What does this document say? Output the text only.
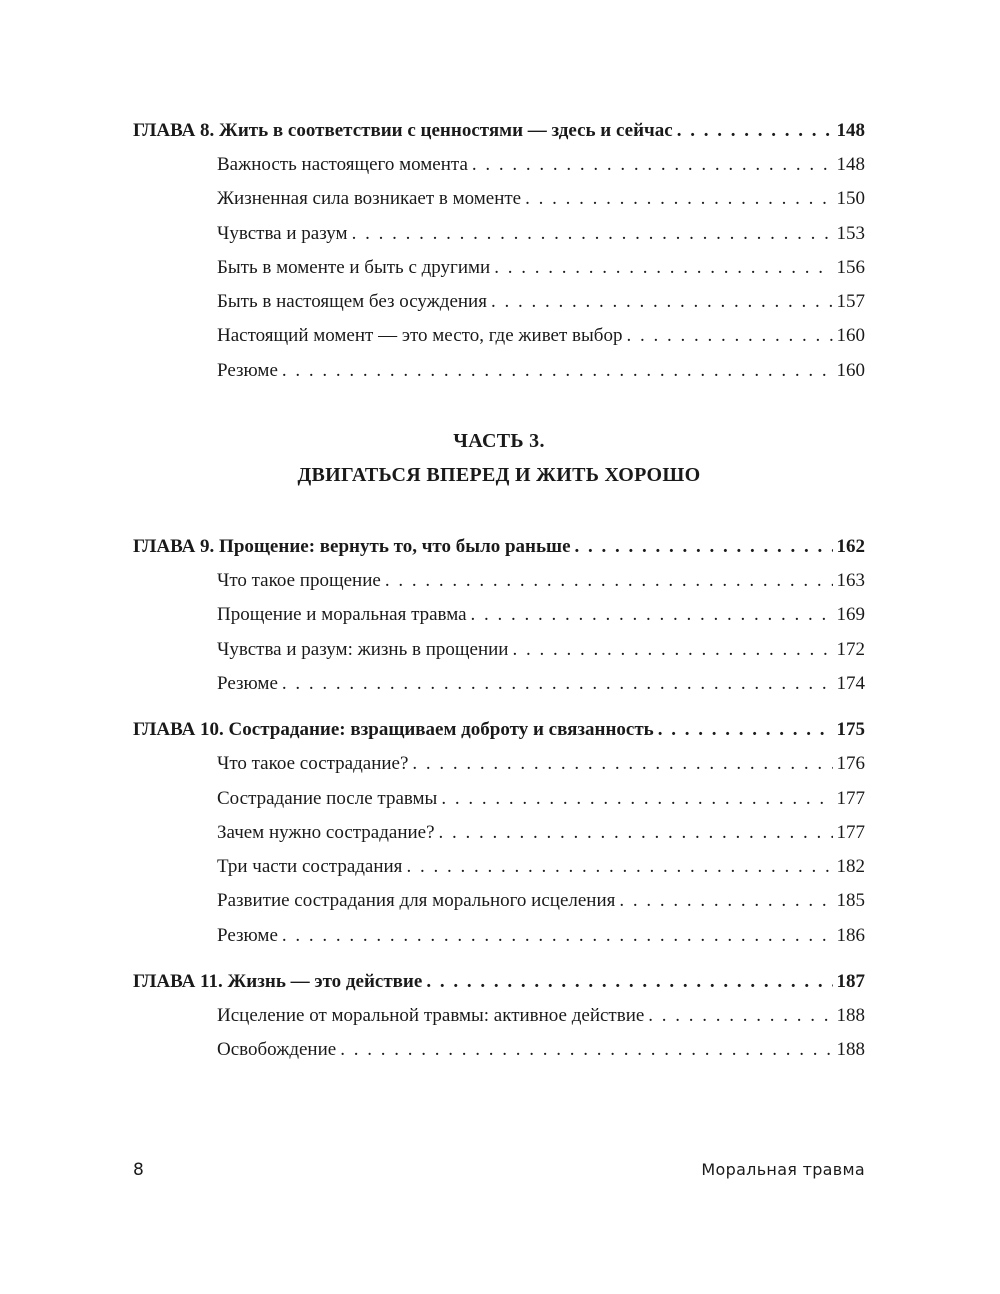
ГЛАВА 8. Жить в соответствии с ценностями — здесь и сейчас . . .	148
Важность настоящего момента . . .	148
Жизненная сила возникает в моменте . . .	150
Чувства и разум . . .	153
Быть в моменте и быть с другими . . .	156
Быть в настоящем без осуждения . . .	157
Настоящий момент — это место, где живет выбор . . .	160
Резюме . . .	160
ЧАСТЬ 3.
ДВИГАТЬСЯ ВПЕРЕД И ЖИТЬ ХОРОШО
ГЛАВА 9. Прощение: вернуть то, что было раньше . . .	162
Что такое прощение . . .	163
Прощение и моральная травма . . .	169
Чувства и разум: жизнь в прощении . . .	172
Резюме . . .	174
ГЛАВА 10. Сострадание: взращиваем доброту и связанность . . .	175
Что такое сострадание? . . .	176
Сострадание после травмы . . .	177
Зачем нужно сострадание? . . .	177
Три части сострадания . . .	182
Развитие сострадания для морального исцеления . . .	185
Резюме . . .	186
ГЛАВА 11. Жизнь — это действие . . .	187
Исцеление от моральной травмы: активное действие . . .	188
Освобождение . . .	188
8	Моральная травма
